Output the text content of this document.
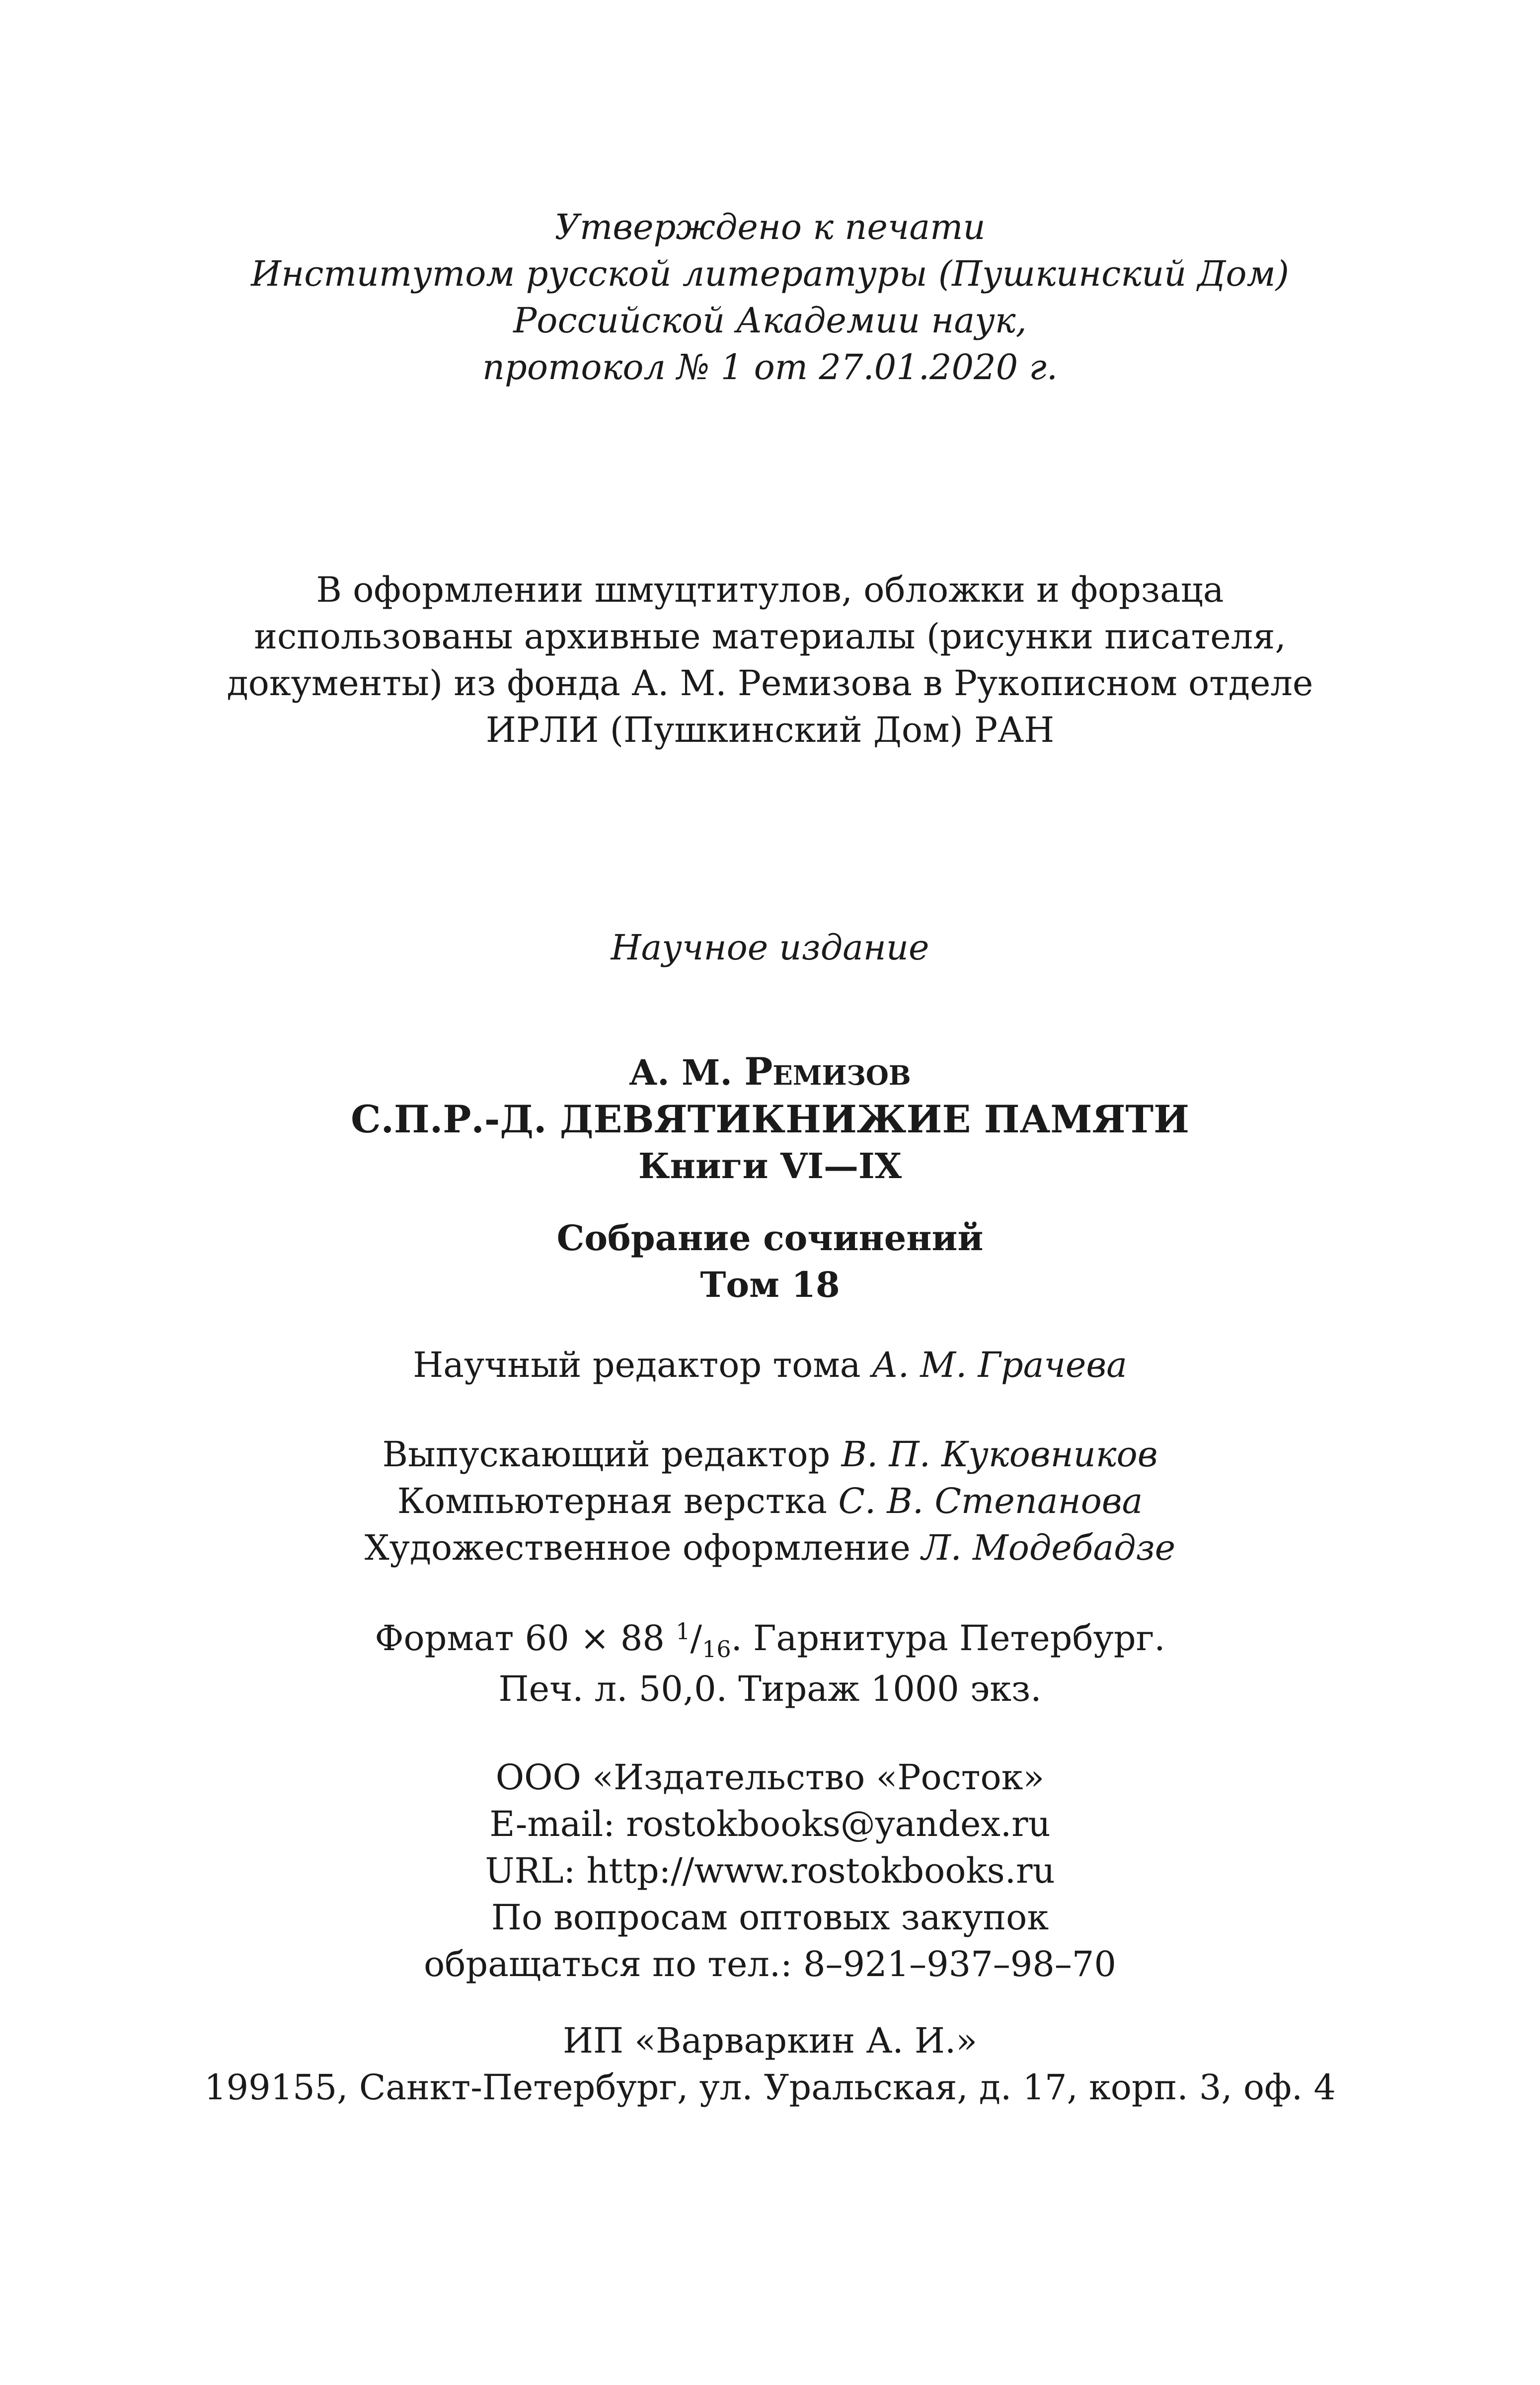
Утверждено к печати
Институтом русской литературы (Пушкинский Дом)
Российской Академии наук,
протокол № 1 от 27.01.2020 г.
В оформлении шмуцтитулов, обложки и форзаца
использованы архивные материалы (рисунки писателя,
документы) из фонда А. М. Ремизова в Рукописном отделе
ИРЛИ (Пушкинский Дом) РАН
Научное издание
А. М. Ремизов
С.П.Р.-Д. ДЕВЯТИКНИЖИЕ ПАМЯТИ
Книги VI—IX
Собрание сочинений
Том 18
Научный редактор тома А. М. Грачева
Выпускающий редактор В. П. Куковников
Компьютерная верстка С. В. Степанова
Художественное оформление Л. Модебадзе
Формат 60 × 88 $^1/_{16}$. Гарнитура Петербург.
Печ. л. 50,0. Тираж 1000 экз.
ООО «Издательство «Росток»
E-mail: rostokbooks@yandex.ru
URL: http://www.rostokbooks.ru
По вопросам оптовых закупок
обращаться по тел.: 8–921–937–98–70
ИП «Варваркин А. И.»
199155, Санкт-Петербург, ул. Уральская, д. 17, корп. 3, оф. 4
